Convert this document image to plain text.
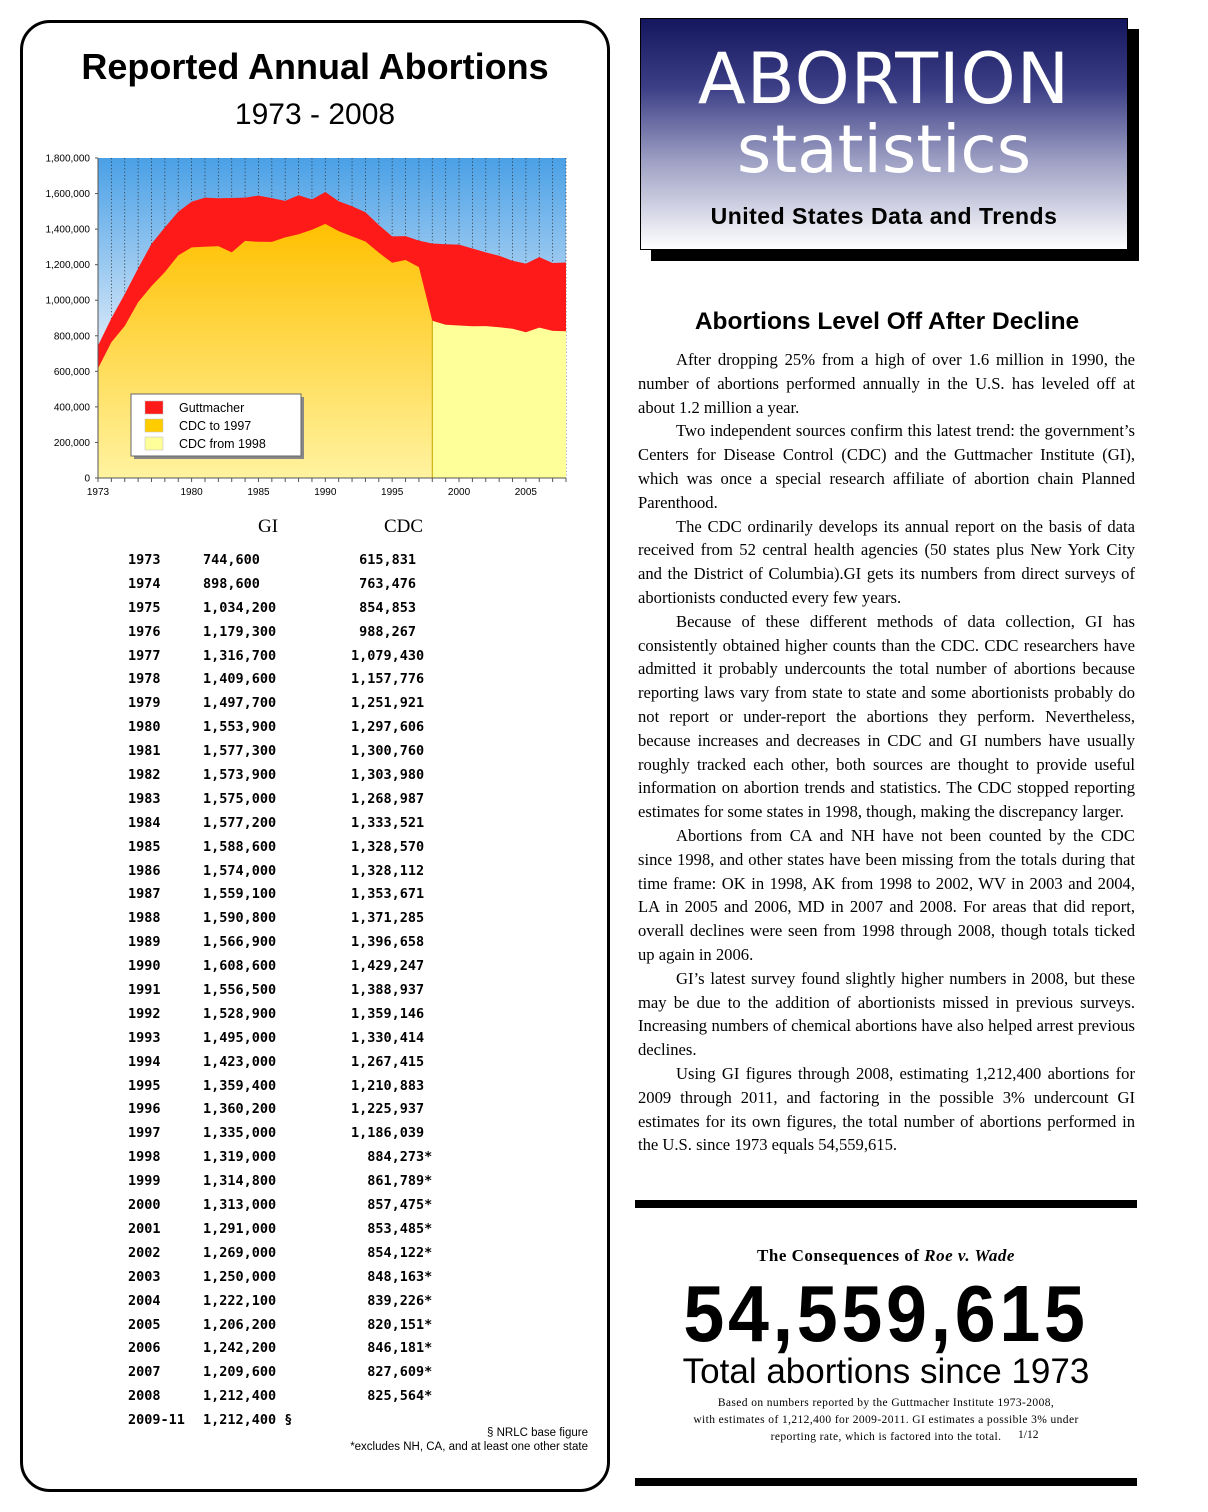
Reported Annual Abortions
1973 - 2008
0
200,000
400,000
600,000
800,000
1,000,000
1,200,000
1,400,000
1,600,000
1,800,000
1973	1980	1985	1990	1995	2000	2005
Guttmacher
CDC to 1997
CDC from 1998
GI	CDC
1973	744,600	615,831
1974	898,600	763,476
1975	1,034,200	854,853
1976	1,179,300	988,267
1977	1,316,700	1,079,430
1978	1,409,600	1,157,776
1979	1,497,700	1,251,921
1980	1,553,900	1,297,606
1981	1,577,300	1,300,760
1982	1,573,900	1,303,980
1983	1,575,000	1,268,987
1984	1,577,200	1,333,521
1985	1,588,600	1,328,570
1986	1,574,000	1,328,112
1987	1,559,100	1,353,671
1988	1,590,800	1,371,285
1989	1,566,900	1,396,658
1990	1,608,600	1,429,247
1991	1,556,500	1,388,937
1992	1,528,900	1,359,146
1993	1,495,000	1,330,414
1994	1,423,000	1,267,415
1995	1,359,400	1,210,883
1996	1,360,200	1,225,937
1997	1,335,000	1,186,039
1998	1,319,000	884,273*
1999	1,314,800	861,789*
2000	1,313,000	857,475*
2001	1,291,000	853,485*
2002	1,269,000	854,122*
2003	1,250,000	848,163*
2004	1,222,100	839,226*
2005	1,206,200	820,151*
2006	1,242,200	846,181*
2007	1,209,600	827,609*
2008	1,212,400	825,564*
2009-11 1,212,400 §
§ NRLC base figure
*excludes NH, CA, and at least one other state
ABORTION
statistics
United States Data and Trends
Abortions Level Off After Decline

After dropping 25% from a high of over 1.6 million in 1990, the number of abortions performed annually in the U.S. has leveled off at about 1.2 million a year.

Two independent sources confirm this latest trend: the government’s Centers for Disease Control (CDC) and the Guttmacher Institute (GI), which was once a special research affiliate of abortion chain Planned Parenthood.

The CDC ordinarily develops its annual report on the basis of data received from 52 central health agencies (50 states plus New York City and the District of Columbia).GI gets its numbers from direct surveys of abortionists conducted every few years.

Because of these different methods of data collection, GI has consistently obtained higher counts than the CDC. CDC researchers have admitted it probably undercounts the total number of abortions because reporting laws vary from state to state and some abortionists probably do not report or under-report the abortions they perform. Nevertheless, because increases and decreases in CDC and GI numbers have usually roughly tracked each other, both sources are thought to provide useful information on abortion trends and statistics. The CDC stopped reporting estimates for some states in 1998, though, making the discrepancy larger.

Abortions from CA and NH have not been counted by the CDC since 1998, and other states have been missing from the totals during that time frame: OK in 1998, AK from 1998 to 2002, WV in 2003 and 2004, LA in 2005 and 2006, MD in 2007 and 2008. For areas that did report, overall declines were seen from 1998 through 2008, though totals ticked up again in 2006.

GI’s latest survey found slightly higher numbers in 2008, but these may be due to the addition of abortionists missed in previous surveys. Increasing numbers of chemical abortions have also helped arrest previous declines.

Using GI figures through 2008, estimating 1,212,400 abortions for 2009 through 2011, and factoring in the possible 3% undercount GI estimates for its own figures, the total number of abortions performed in the U.S. since 1973 equals 54,559,615.

The Consequences of Roe v. Wade
54,559,615
Total abortions since 1973
Based on numbers reported by the Guttmacher Institute 1973-2008,
with estimates of 1,212,400 for 2009-2011. GI estimates a possible 3% under
reporting rate, which is factored into the total.	1/12
